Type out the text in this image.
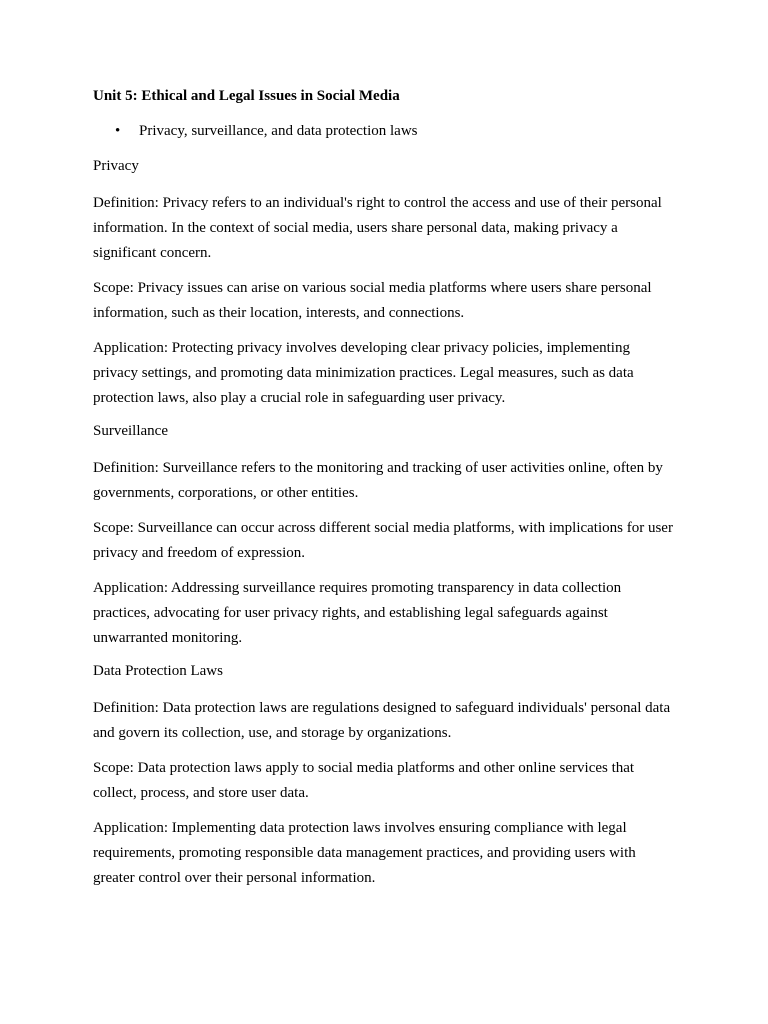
Unit 5: Ethical and Legal Issues in Social Media
• Privacy, surveillance, and data protection laws
Privacy

Definition: Privacy refers to an individual's right to control the access and use of their personal information. In the context of social media, users share personal data, making privacy a significant concern.

Scope: Privacy issues can arise on various social media platforms where users share personal information, such as their location, interests, and connections.

Application: Protecting privacy involves developing clear privacy policies, implementing privacy settings, and promoting data minimization practices. Legal measures, such as data protection laws, also play a crucial role in safeguarding user privacy.

Surveillance

Definition: Surveillance refers to the monitoring and tracking of user activities online, often by governments, corporations, or other entities.

Scope: Surveillance can occur across different social media platforms, with implications for user privacy and freedom of expression.

Application: Addressing surveillance requires promoting transparency in data collection practices, advocating for user privacy rights, and establishing legal safeguards against unwarranted monitoring.

Data Protection Laws

Definition: Data protection laws are regulations designed to safeguard individuals' personal data and govern its collection, use, and storage by organizations.

Scope: Data protection laws apply to social media platforms and other online services that collect, process, and store user data.

Application: Implementing data protection laws involves ensuring compliance with legal requirements, promoting responsible data management practices, and providing users with greater control over their personal information.
